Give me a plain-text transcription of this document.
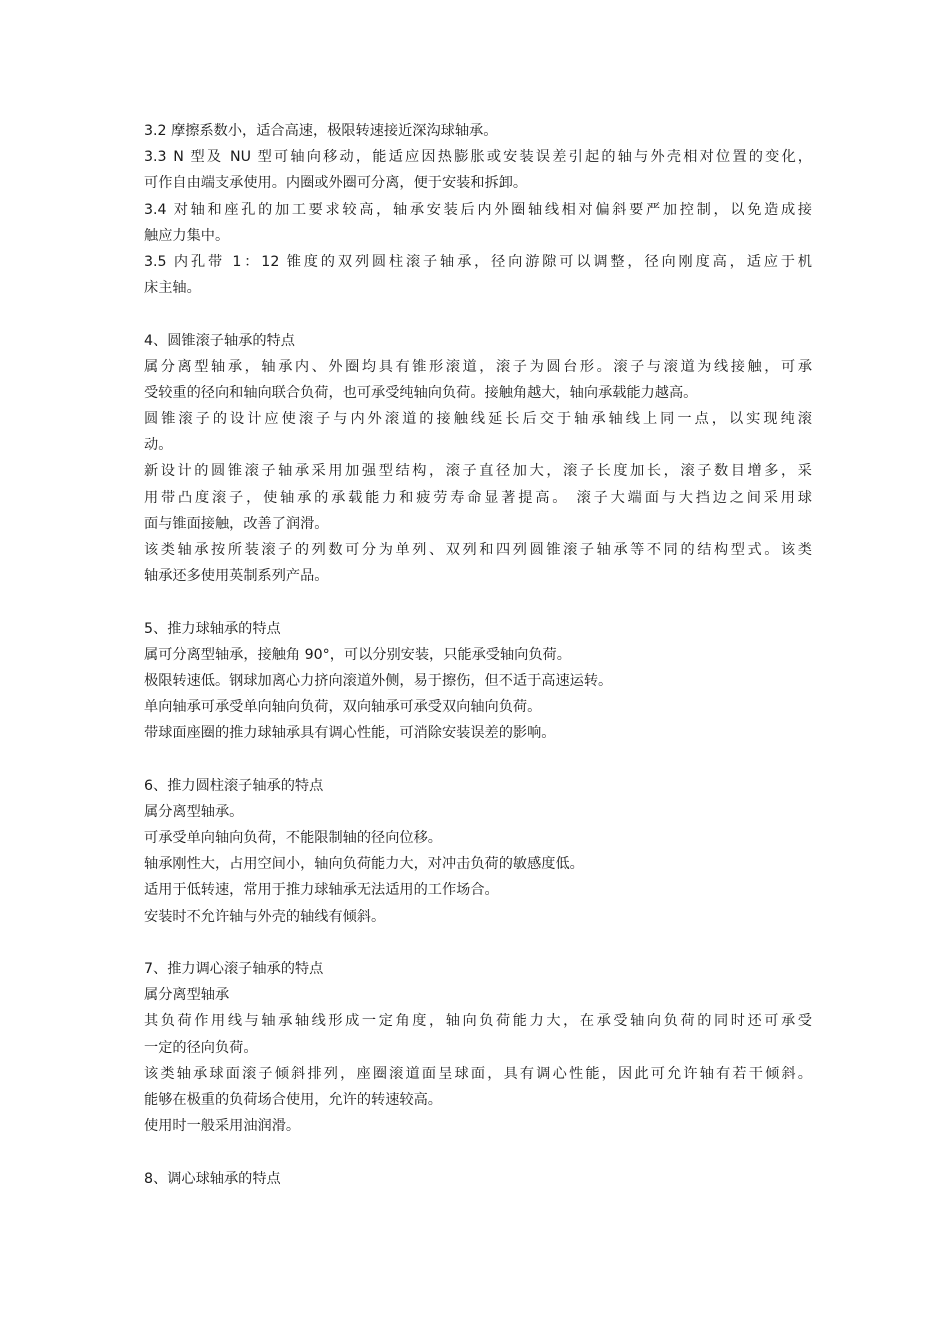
3.2 摩擦系数小，适合高速，极限转速接近深沟球轴承。
3.3 N 型及 NU 型可轴向移动，能适应因热膨胀或安装误差引起的轴与外壳相对位置的变化，
可作自由端支承使用。内圈或外圈可分离，便于安装和拆卸。
3.4 对轴和座孔的加工要求较高，轴承安装后内外圈轴线相对偏斜要严加控制，以免造成接
触应力集中。
3.5 内孔带 1：12 锥度的双列圆柱滚子轴承，径向游隙可以调整，径向刚度高，适应于机
床主轴。
4、圆锥滚子轴承的特点
属分离型轴承，轴承内、外圈均具有锥形滚道，滚子为圆台形。滚子与滚道为线接触，可承
受较重的径向和轴向联合负荷，也可承受纯轴向负荷。接触角越大，轴向承载能力越高。
圆锥滚子的设计应使滚子与内外滚道的接触线延长后交于轴承轴线上同一点，以实现纯滚
动。
新设计的圆锥滚子轴承采用加强型结构，滚子直径加大，滚子长度加长，滚子数目增多，采
用带凸度滚子，使轴承的承载能力和疲劳寿命显著提高。 滚子大端面与大挡边之间采用球
面与锥面接触，改善了润滑。
该类轴承按所装滚子的列数可分为单列、双列和四列圆锥滚子轴承等不同的结构型式。该类
轴承还多使用英制系列产品。
5、推力球轴承的特点
属可分离型轴承，接触角 90°，可以分别安装，只能承受轴向负荷。
极限转速低。钢球加离心力挤向滚道外侧，易于擦伤，但不适于高速运转。
单向轴承可承受单向轴向负荷，双向轴承可承受双向轴向负荷。
带球面座圈的推力球轴承具有调心性能，可消除安装误差的影响。
6、推力圆柱滚子轴承的特点
属分离型轴承。
可承受单向轴向负荷，不能限制轴的径向位移。
轴承刚性大，占用空间小，轴向负荷能力大，对冲击负荷的敏感度低。
适用于低转速，常用于推力球轴承无法适用的工作场合。
安装时不允许轴与外壳的轴线有倾斜。
7、推力调心滚子轴承的特点
属分离型轴承
其负荷作用线与轴承轴线形成一定角度，轴向负荷能力大，在承受轴向负荷的同时还可承受
一定的径向负荷。
该类轴承球面滚子倾斜排列，座圈滚道面呈球面，具有调心性能，因此可允许轴有若干倾斜。
能够在极重的负荷场合使用，允许的转速较高。
使用时一般采用油润滑。
8、调心球轴承的特点
